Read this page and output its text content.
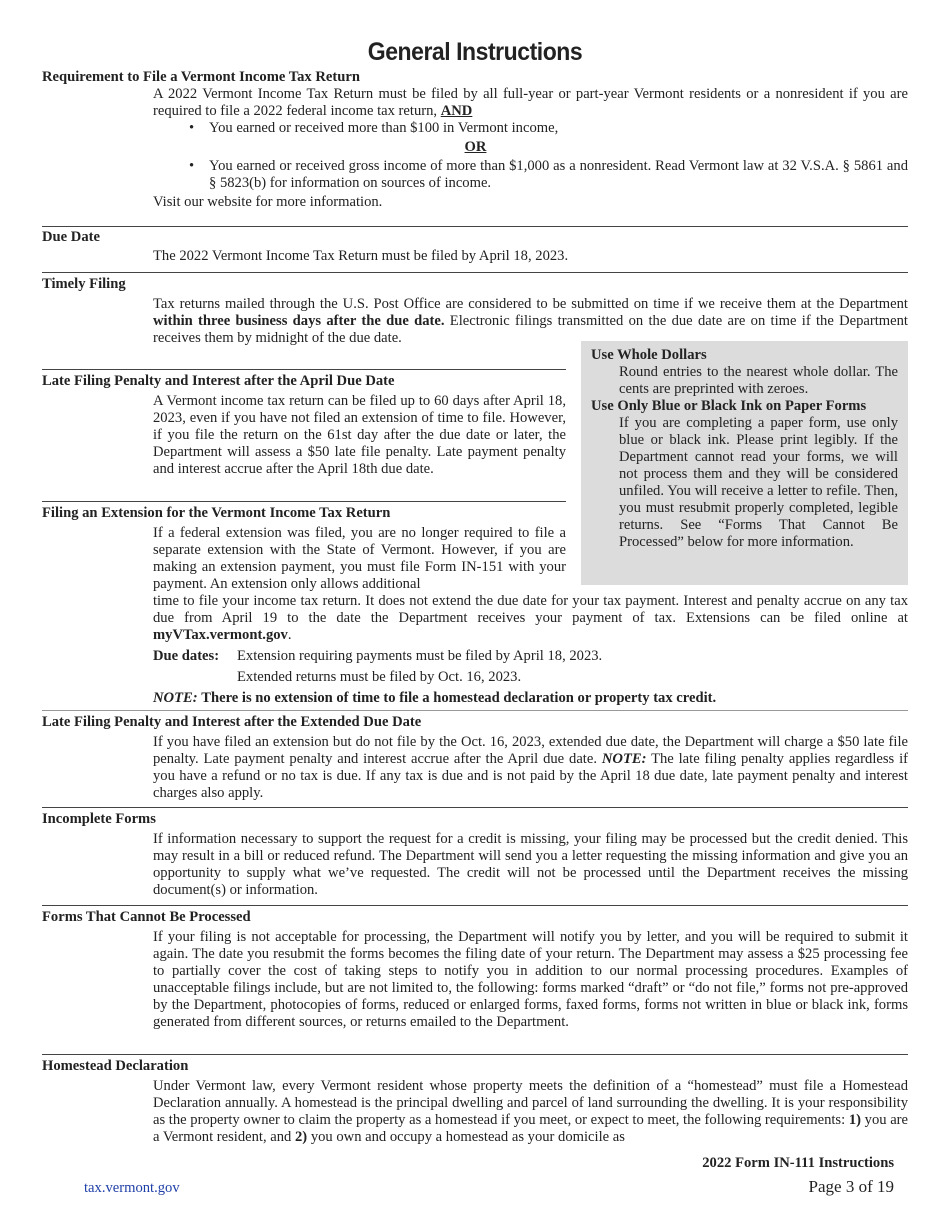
General Instructions

Requirement to File a Vermont Income Tax Return

A 2022 Vermont Income Tax Return must be filed by all full-year or part-year Vermont residents or a nonresident if you are required to file a 2022 federal income tax return, AND

• You earned or received more than $100 in Vermont income,

OR

• You earned or received gross income of more than $1,000 as a nonresident. Read Vermont law at 32 V.S.A. § 5861 and § 5823(b) for information on sources of income.

Visit our website for more information.

Due Date

The 2022 Vermont Income Tax Return must be filed by April 18, 2023.

Timely Filing

Tax returns mailed through the U.S. Post Office are considered to be submitted on time if we receive them at the Department within three business days after the due date. Electronic filings transmitted on the due date are on time if the Department receives them by midnight of the due date.

Use Whole Dollars

Round entries to the nearest whole dollar. The cents are preprinted with zeroes.

Use Only Blue or Black Ink on Paper Forms

If you are completing a paper form, use only blue or black ink. Please print legibly. If the Department cannot read your forms, we will not process them and they will be considered unfiled. You will receive a letter to refile. Then, you must resubmit properly completed, legible returns. See “Forms That Cannot Be Processed” below for more information.

Late Filing Penalty and Interest after the April Due Date

A Vermont income tax return can be filed up to 60 days after April 18, 2023, even if you have not filed an extension of time to file. However, if you file the return on the 61st day after the due date or later, the Department will assess a $50 late file penalty. Late payment penalty and interest accrue after the April 18th due date.

Filing an Extension for the Vermont Income Tax Return

If a federal extension was filed, you are no longer required to file a separate extension with the State of Vermont. However, if you are making an extension payment, you must file Form IN-151 with your payment. An extension only allows additional

time to file your income tax return. It does not extend the due date for your tax payment. Interest and penalty accrue on any tax due from April 19 to the date the Department receives your payment of tax. Extensions can be filed online at myVTax.vermont.gov.

Due dates:	Extension requiring payments must be filed by April 18, 2023.

Extended returns must be filed by Oct. 16, 2023.

NOTE: There is no extension of time to file a homestead declaration or property tax credit.

Late Filing Penalty and Interest after the Extended Due Date

If you have filed an extension but do not file by the Oct. 16, 2023, extended due date, the Department will charge a $50 late file penalty. Late payment penalty and interest accrue after the April due date. NOTE: The late filing penalty applies regardless if you have a refund or no tax is due. If any tax is due and is not paid by the April 18 due date, late payment penalty and interest charges also apply.

Incomplete Forms

If information necessary to support the request for a credit is missing, your filing may be processed but the credit denied. This may result in a bill or reduced refund. The Department will send you a letter requesting the missing information and give you an opportunity to supply what we’ve requested. The credit will not be processed until the Department receives the missing document(s) or information.

Forms That Cannot Be Processed

If your filing is not acceptable for processing, the Department will notify you by letter, and you will be required to submit it again. The date you resubmit the forms becomes the filing date of your return. The Department may assess a $25 processing fee to partially cover the cost of taking steps to notify you in addition to our normal processing procedures. Examples of unacceptable filings include, but are not limited to, the following: forms marked “draft” or “do not file,” forms not pre-approved by the Department, photocopies of forms, reduced or enlarged forms, faxed forms, forms not written in blue or black ink, forms generated from different sources, or returns emailed to the Department.

Homestead Declaration

Under Vermont law, every Vermont resident whose property meets the definition of a “homestead” must file a Homestead Declaration annually. A homestead is the principal dwelling and parcel of land surrounding the dwelling. It is your responsibility as the property owner to claim the property as a homestead if you meet, or expect to meet, the following requirements: 1) you are a Vermont resident, and 2) you own and occupy a homestead as your domicile as

2022 Form IN-111 Instructions
Page 3 of 19
tax.vermont.gov
